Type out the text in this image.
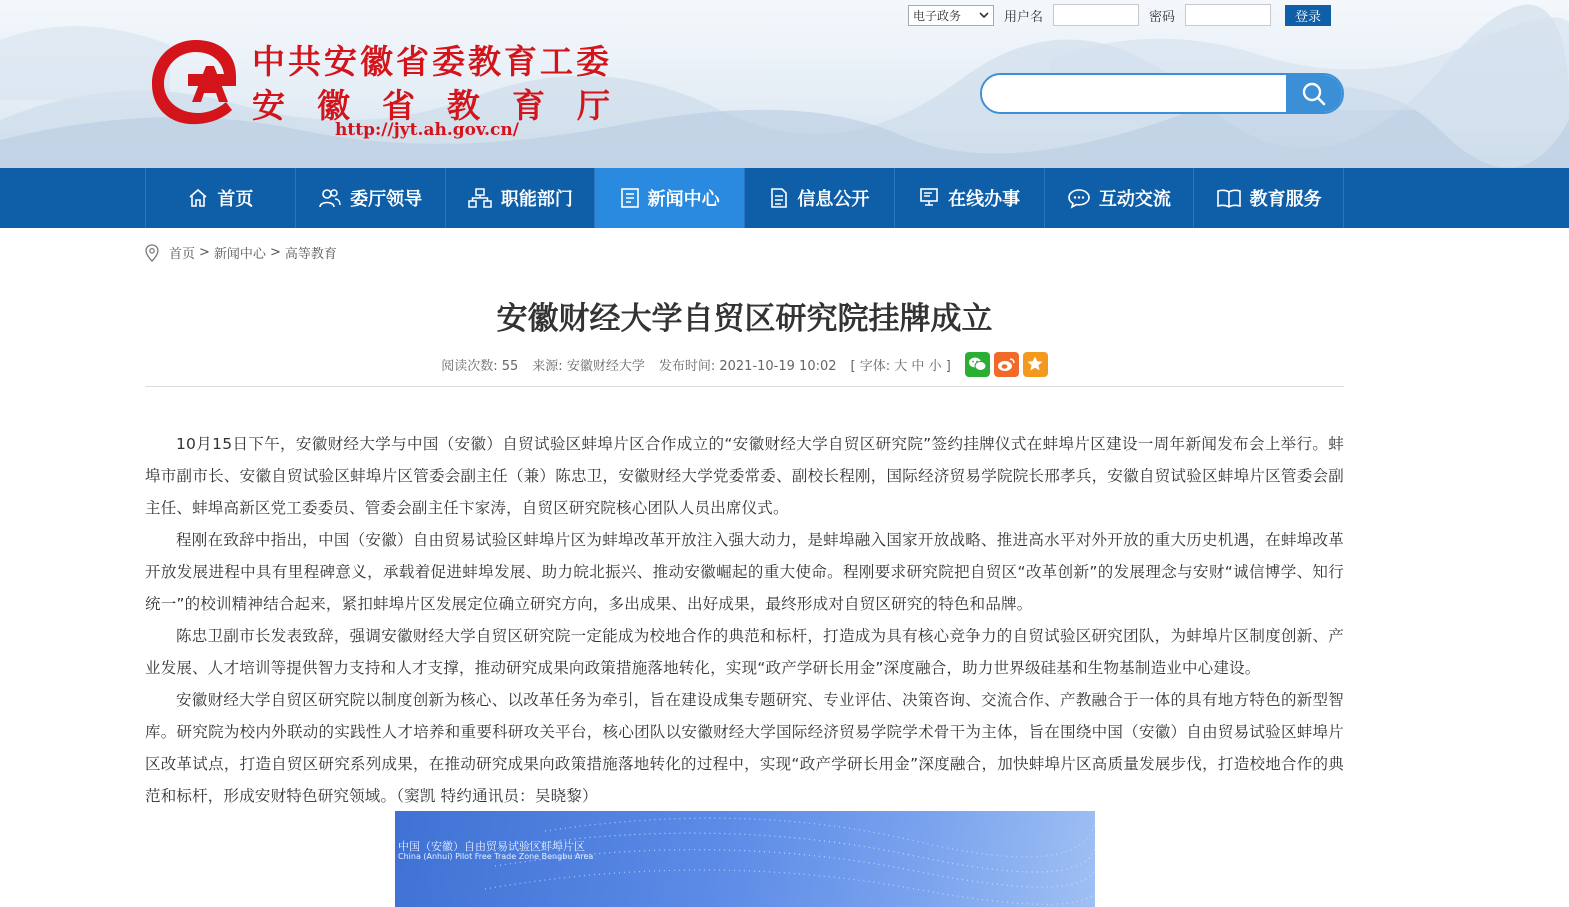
中共安徽省委教育工委
安徽省教育厅
http://jyt.ah.gov.cn/
电子政务	用户名	密码	登录
首页	委厅领导	职能部门	新闻中心	信息公开	在线办事	互动交流	教育服务
首页 > 新闻中心 > 高等教育
安徽财经大学自贸区研究院挂牌成立
阅读次数: 55 来源: 安徽财经大学 发布时间: 2021-10-19 10:02 [ 字体: 大 中 小 ]

10月15日下午，安徽财经大学与中国（安徽）自贸试验区蚌埠片区合作成立的“安徽财经大学自贸区研究院”签约挂牌仪式在蚌埠片区建设一周年新闻发布会上举行。蚌埠市副市长、安徽自贸试验区蚌埠片区管委会副主任（兼）陈忠卫，安徽财经大学党委常委、副校长程刚，国际经济贸易学院院长邢孝兵，安徽自贸试验区蚌埠片区管委会副主任、蚌埠高新区党工委委员、管委会副主任卞家涛，自贸区研究院核心团队人员出席仪式。

程刚在致辞中指出，中国（安徽）自由贸易试验区蚌埠片区为蚌埠改革开放注入强大动力，是蚌埠融入国家开放战略、推进高水平对外开放的重大历史机遇，在蚌埠改革开放发展进程中具有里程碑意义，承载着促进蚌埠发展、助力皖北振兴、推动安徽崛起的重大使命。程刚要求研究院把自贸区“改革创新”的发展理念与安财“诚信博学、知行统一”的校训精神结合起来，紧扣蚌埠片区发展定位确立研究方向，多出成果、出好成果，最终形成对自贸区研究的特色和品牌。

陈忠卫副市长发表致辞，强调安徽财经大学自贸区研究院一定能成为校地合作的典范和标杆，打造成为具有核心竞争力的自贸试验区研究团队，为蚌埠片区制度创新、产业发展、人才培训等提供智力支持和人才支撑，推动研究成果向政策措施落地转化，实现“政产学研长用金”深度融合，助力世界级硅基和生物基制造业中心建设。

安徽财经大学自贸区研究院以制度创新为核心、以改革任务为牵引，旨在建设成集专题研究、专业评估、决策咨询、交流合作、产教融合于一体的具有地方特色的新型智库。研究院为校内外联动的实践性人才培养和重要科研攻关平台，核心团队以安徽财经大学国际经济贸易学院学术骨干为主体，旨在围绕中国（安徽）自由贸易试验区蚌埠片区改革试点，打造自贸区研究系列成果，在推动研究成果向政策措施落地转化的过程中，实现“政产学研长用金”深度融合，加快蚌埠片区高质量发展步伐，打造校地合作的典范和标杆，形成安财特色研究领域。（窦凯 特约通讯员：吴晓黎）

中国（安徽）自由贸易试验区蚌埠片区
China (Anhui) Pilot Free Trade Zone Bengbu Area
